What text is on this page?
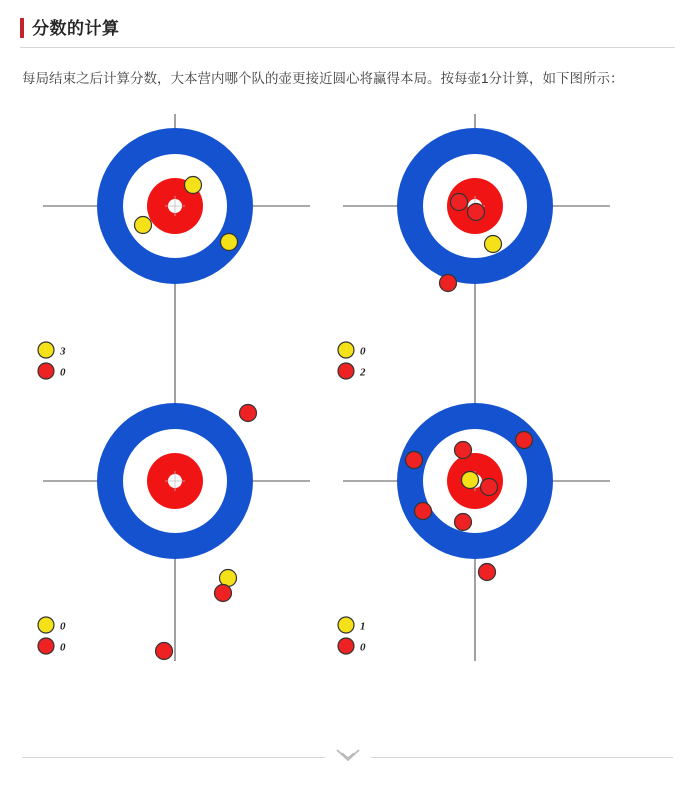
分数的计算

每局结束之后计算分数，大本营内哪个队的壶更接近圆心将赢得本局。按每壶1分计算，如下图所示：

3
0
0
2
0
0
1
0
